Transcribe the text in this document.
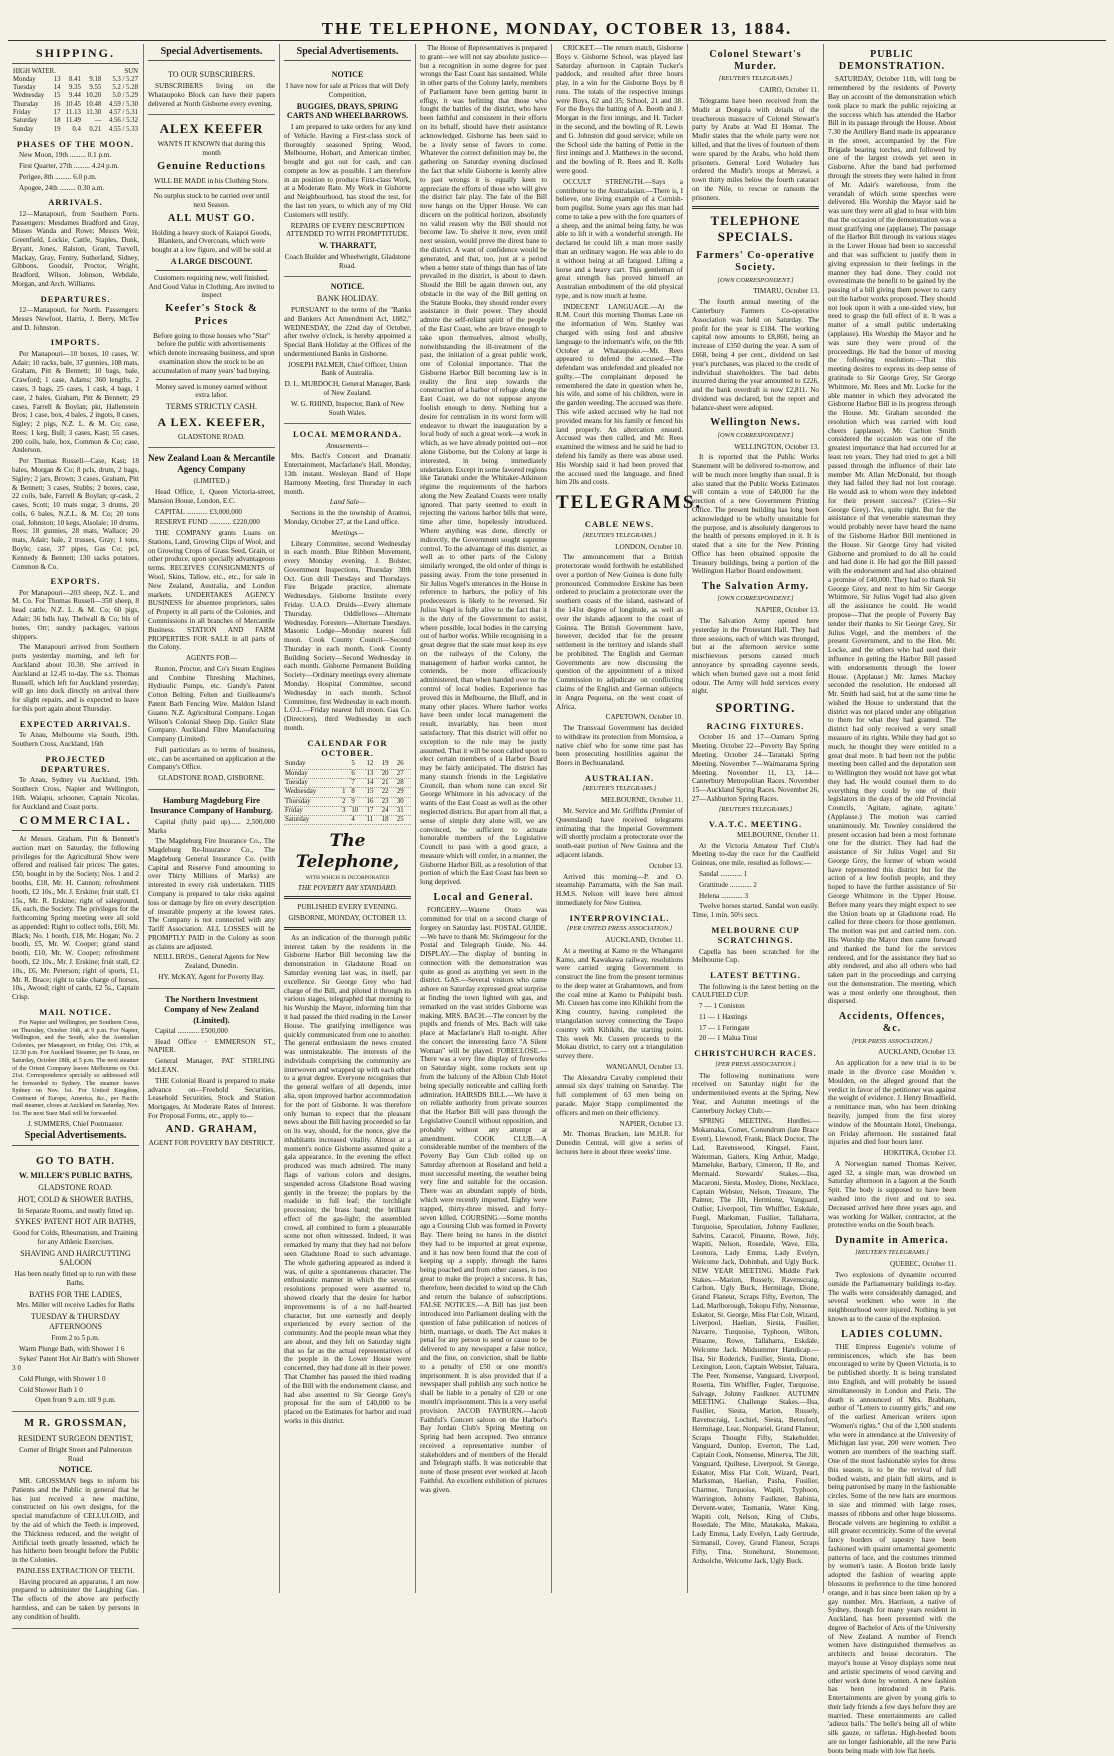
THE TELEPHONE, MONDAY, OCTOBER 13, 1884.
SHIPPING.
HIGH WATER.			SUN	
Monday	13	8.41	9.18	5.3 / 5.27
Tuesday	14	9.35	9.55	5.2 / 5.28
Wednesday	15	9.44	10.20	5.0 / 5.29
Thursday	16	10.45	10.48	4.59 / 5.30
Friday	17	11.13	11.30	4.57 / 5.31
Saturday	18	11.49	—	4.56 / 5.32
Sunday	19	0.4	0.21	4.55 / 5.33
PHASES OF THE MOON.

New Moon, 19th ......... 0.1 p.m.

First Quarter, 27th ......... 4.24 p.m.

Perigee, 8th ......... 6.0 p.m.

Apogee, 24th ......... 0.30 a.m.

ARRIVALS.

12—Manapouri, from Southern Ports. Passengers: Mesdames Bradford and Gray, Misses Wanda and Rowe; Messrs Weir, Greenfield, Lockie, Cattle, Staples, Dunk, Bryant, Jones, Ralston, Grant, Turvell, Mackay, Gray, Fentry, Sutherland, Sidney, Gibbons, Goodsir, Proctor, Wright, Bradford, Wilson, Johnson, Webdale, Morgan, and Arch. Williams.

DEPARTURES.

12—Manapouri, for North. Passengers: Messrs Newfoot, Harris, J. Berry, McTee and D. Johnston.

IMPORTS.

Per Manapouri—10 boxes, 10 cases, W. Adair; 10 racks, bale, 37 gunnies, 108 mats, Graham, Pitt & Bennett; 10 bags, bale, Crawford; 1 case, Adams; 360 lengths, 2 cases, 3 bags, 25 cases, 1 cask, 4 bags, 1 case, 2 bales, Graham, Pitt & Bennett; 29 cases, Farrell & Boylan; pkt, Hallenstein Bros; 1 case, box, 4 bales, 2 ingots, 8 cases, Sigley; 2 pigs, N.Z. L. & M. Co; case, Rees; 1 keg, Bull; 3 cases, Kast; 55 cases, 200 coils, bale, box, Common & Co; case, Anderson.

Per Thomas Russell—Case, Kast; 18 bales, Morgan & Co; 8 pcls, drum, 2 bags, Sigley; 2 jars, Brown; 3 cases, Graham, Pitt & Bennett; 3 cases, Stubbs; 2 boxes, case, 22 coils, bale, Farrell & Boylan; qr-cask, 2 cases, Scott; 10 mats sugar, 3 drums, 20 coils, 6 bales, N.Z.L. & M. Co; 20 tons coal, Johnston; 10 kegs, Alsolaie; 10 drums, Rees; 18 gunnies, 28 mats, Wallace; 20 mats, Adair; bale, 2 trusses, Gray; 1 tons, Boyle; case, 37 pipes, Gas Co; pcl, Kennedy & Bennett; 130 sacks potatoes, Common & Co.

EXPORTS.

Per Manapouri—203 sheep, N.Z. L. and M. Co. For Thomas Russell—350 sheep, 8 head cattle, N.Z. L. & M. Co; 60 pigs, Adair; 36 bdls hay, Thelwall & Co; bls of bones, Orr; sundry packages, various shippers.

The Manapouri arrived from Southern ports yesterday morning, and left for Auckland about 10.30. She arrived in Auckland at 12.45 to-day. The s.s. Thomas Russell, which left for Auckland yesterday, will go into dock directly on arrival there for slight repairs, and is expected to leave for this port again about Thursday.

EXPECTED ARRIVALS.

Te Anau, Melbourne via South, 19th. Southern Cross, Auckland, 16th

PROJECTED DEPARTURES.

Te Anau, Sydney via Auckland, 19th. Southern Cross, Napier and Wellington, 16th. Waiapu, schooner, Captain Nicolas, for Auckland and Coast ports.

COMMERCIAL.

At Messrs. Graham, Pitt & Bennett's auction mart on Saturday, the following privileges for the Agricultural Show were offered and realised fair prices: The gates, £50, bought in by the Society; Nos. 1 and 2 booths, £18, Mr. H. Cannon; refreshment booth, £2 10s., Mr. J. Erskine; fruit stall, £1 15s., Mr. R. Erskine; right of saleground, £6, each, the Society. The privileges for the forthcoming Spring meeting were all sold as appended: Right to collect tolls, £60, Mr. Black; No. 1 booth, £18, Mr. Hogan; No. 2 booth, £5, Mr. W. Cooper; grand stand booth, £10, Mr. W. Cooper; refreshment booth, £2 10s., Mr. J. Erskine; fruit stall, £2 10s., £6, Mr. Peterson; right of sports, £1, Mr. R. Brace; right to take charge of horses, 10s., Awood; right of cards, £2 5s., Captain Crisp.

MAIL NOTICE.

For Napier and Wellington, per Southern Cross, on Thursday, October 16th, at 9 p.m. For Napier, Wellington, and the South, also the Australian Colonies, per Manapouri, on Friday, Oct. 17th, at 12.30 p.m. For Auckland Steamer, per Te Anau, on Saturday, October 18th, at 5 p.m. The next steamer of the Orient Company leaves Melbourne on Oct. 21st. Correspondence specially so addressed will be forwarded to Sydney. The steamer leaves Sydney on Nov. 1st. For United Kingdom, Continent of Europe, America, &c., per Pacific mail steamer, closes at Auckland on Saturday, Nov. 1st. The next Suez Mail will be forwarded.

J. SUMMERS, Chief Postmaster.

Special Advertisements.
GO TO BATH.
W. MILLER'S PUBLIC BATHS,
GLADSTONE ROAD.
HOT, COLD & SHOWER BATHS,

In Separate Rooms, and neatly fitted up.

SYKES' PATENT HOT AIR BATHS,

Good for Colds, Rheumatism, and Training for any Athletic Exercises.

SHAVING AND HAIRCUTTING SALOON

Has been neatly fitted up to run with these Baths.

BATHS FOR THE LADIES,

Mrs. Miller will receive Ladies for Baths

TUESDAY & THURSDAY AFTERNOONS

From 2 to 5 p.m.

Warm Plunge Bath, with Shower 1 6

Sykes' Patent Hot Air Bath's with Shower 3 0

Cold Plunge, with Shower 1 0

Cold Shower Bath 1 0

Open from 9 a.m. till 9 p.m.

M R. GROSSMAN,
RESIDENT SURGEON DENTIST,

Corner of Bright Street and Palmerston Road

NOTICE.

MR. GROSSMAN begs to inform his Patients and the Public in general that he has just received a new machine, constructed on his own designs, for the special manufacture of CELLULOID, and by the aid of which the Teeth is improved, the Thickness reduced, and the weight of Artificial teeth greatly lessened, which he has hitherto been brought before the Public in the Colonies.

PAINLESS EXTRACTION OF TEETH.

Having procured an apparatus, I am now prepared to administer the Laughing Gas. The effects of the above are perfectly harmless, and can be taken by persons in any condition of health.

Special Advertisements.
TO OUR SUBSCRIBERS.

SUBSCRIBERS living on the Whataupoko Block can have their papers delivered at North Gisborne every evening.

ALEX KEEFER

WANTS IT KNOWN that during this month

Genuine Reductions

WILL BE MADE in his Clothing Store.

No surplus stock to be carried over until next Season.

ALL MUST GO.

Holding a heavy stock of Kaiapoi Goods, Blankets, and Overcoats, which were bought at a low figure, and will be sold at

A LARGE DISCOUNT.

Customers requiring new, well finished, And Good Value in Clothing, Are invited to inspect

Keefer's Stock & Prices

Before going to those houses who "Star" before the public with advertisements which denote increasing business, and upon examination show the stock to be an accumulation of many years' bad buying.

Money saved is money earned without extra labor.

TERMS STRICTLY CASH.
A LEX. KEEFER,

GLADSTONE ROAD.

New Zealand Loan & Mercantile Agency Company

(LIMITED.)

Head Office, 1, Queen Victoria-street, Mansion House, London, E.C.

CAPITAL ............ £3,000,000

RESERVE FUND ............ £220,000

THE COMPANY grants Loans on Stations, Land, Growing Clips of Wool, and on Growing Crops of Grass Seed, Grain, or other produce, upon specially advantageous terms. RECEIVES CONSIGNMENTS of Wool, Skins, Tallow, etc., etc., for sale in New Zealand, Australia, and London markets. UNDERTAKES AGENCY BUSINESS for absentee proprietors, sales of Property in all parts of the Colonies, and Commissions in all branches of Mercantile Business. STATION AND FARM PROPERTIES FOR SALE in all parts of the Colony.

AGENTS FOR—

Ruston, Proctor, and Co's Steam Engines and Combine Threshing Machines, Hydraulic Pumps, etc. Gandy's Patent Cotton Belting. Felten and Guilleaume's Patent Barb Fencing Wire. Maldon Island Guano. N.Z. Agricultural Company. Logan Wilson's Colonial Sheep Dip. Guilcr Slate Company. Auckland Fibre Manufacturing Company (Limited).

Full particulars as to terms of business, etc., can be ascertained on application at the Company's Office.

GLADSTONE ROAD, GISBORNE.

Hamburg Magdeburg Fire Insurance Company of Hamburg.

Capital (fully paid up)...... 2,500,000 Marks

The Magdeburg Fire Insurance Co., The Magdeburg Re-Insurance Co., The Magdeburg General Insurance Co. (with Capital and Reserve Fund amounting to over Thirty Millions of Marks) are interested in every risk undertaken. THIS Company is prepared to take risks against loss or damage by fire on every description of insurable property at the lowest rates. The Company is not connected with any Tariff Association. ALL LOSSES will be PROMPTLY PAID in the Colony as soon as claims are adjusted.

NEILL BROS., General Agents for New Zealand, Dunedin.

HY. McKAY, Agent for Poverty Bay.

The Northern Investment Company of New Zealand (Limited).

Capital ............ £500,000

Head Office · EMMERSON ST., NAPIER.

General Manager, PAT STIRLING McLEAN.

THE Colonial Board is prepared to make advance on—Freehold Securities, Leasehold Securities, Stock and Station Mortgages, At Moderate Rates of Interest. For Proposal Forms, etc., apply to—

AND. GRAHAM,

AGENT FOR POVERTY BAY DISTRICT.

Special Advertisements.
NOTICE

I have now for sale at Prices that will Defy Competition,

BUGGIES, DRAYS, SPRING CARTS AND WHEELBARROWS.

I am prepared to take orders for any kind of Vehicle. Having a First-class stock of thoroughly seasoned Spring Wood, Melbourne, Hobart, and American timber, bought and got out for cash, and can compete as low as possible. I am therefore in an position to produce First-class Work, at a Moderate Rate. My Work in Gisborne and Neighbourhood, has stood the test, for the last ten years, to which any of my Old Customers will testify.

REPAIRS OF EVERY DESCRIPTION ATTENDED TO WITH PROMPTITUDE.

W. THARRATT,

Coach Builder and Wheelwright, Gladstone Road.

NOTICE.
BANK HOLIDAY.

PURSUANT to the terms of the "Banks and Bankers Act Amendment Act, 1882," WEDNESDAY, the 22nd day of October, after twelve o'clock, is hereby appointed a Special Bank Holiday at the Offices of the undermentioned Banks in Gisborne.

JOSEPH PALMER, Chief Officer, Union Bank of Australia.

D. L. MURDOCH, General Manager, Bank of New Zealand.

W. G. RHIND, Inspector, Bank of New South Wales.

LOCAL MEMORANDA.

Amusements—

Mrs. Bach's Concert and Dramatic Entertainment, Macfarlane's Hall, Monday, 13th instant. Wesleyan Band of Hope Harmony Meeting, first Thursday in each month.

Land Sale—

Sections in the the township of Aramoi, Monday, October 27, at the Land office.

Meetings—

Library Committee, second Wednesday in each month. Blue Ribbon Movement, every Monday evening. J. Bolster, Government Inspections, Thursday 30th Oct. Gun drill Tuesdays and Thursdays. Fire Brigade practice, alternate Wednesdays. Gisborne Institute every Friday. U.A.O. Druids—Every alternate Thursday. Oddfellows—Alternate Wednesday. Foresters—Alternate Tuesdays. Masonic Lodge—Monday nearest full moon. Cook County Council—Second Thursday in each month. Cook County Building Society—Second Wednesday in each month. Gisborne Permanent Building Society—Ordinary meetings every alternate Monday. Hospital Committee, second Wednesday in each month. School Committee, first Wednesday in each month. L.O.L.—Friday nearest full moon. Gas Co. (Directors), third Wednesday in each month.

CALENDAR FOR OCTOBER.
Sunday		5	12	19	26
Monday		6	13	20	27
Tuesday		7	14	21	28
Wednesday	1	8	15	22	29
Thursday	2	9	16	23	30
Friday	3	10	17	24	31
Saturday		4	11	18	25
The Telephone,

WITH WHICH IS INCORPORATED

THE POVERTY BAY STANDARD.

PUBLISHED EVERY EVENING.

GISBORNE, MONDAY, OCTOBER 13.

As an indication of the thorough public interest taken by the residents in the Gisborne Harbor Bill becoming law the demonstration in Gladstone Road on Saturday evening last was, in itself, par excellence. Sir George Grey who had charge of the Bill, and piloted it through its various stages, telegraphed that morning to his Worship the Mayor, informing him that it had passed the third reading in the Lower House. The gratifying intelligence was quickly communicated from one to another. The general enthusiasm the news created was unmistakeable. The interests of the individuals comprising the community are interwoven and wrapped up with each other to a great degree. Everyone recognises that the general welfare of all depends, inter alia, upon improved harbor accommodation for the port of Gisborne. It was therefore only human to expect that the pleasant news about the Bill having proceeded so far on its way, should, for the nonce, give the inhabitants increased vitality. Almost at a moment's notice Gisborne assumed quite a gala appearance. In the evening the effect produced was much admired. The many flags of various colors and designs, suspended across Gladstone Road waving gently in the breeze; the poplars by the roadside in full leaf; the torchlight procession; the brass band; the brilliant effect of the gas-light; the assembled crowd, all combined to form a pleasurable scene not often witnessed. Indeed, it was remarked by many that they had not before seen Gladstone Road to such advantage. The whole gathering appeared as indeed it was, of quite a spontaneous character. The enthusiastic manner in which the several resolutions proposed were assented to, showed clearly that the desire for harbor improvements is of a no half-hearted character, but one earnestly and deeply experienced by every section of the community. And the people mean what they are about, and they felt on Saturday night that so far as the actual representatives of the people in the Lower House were concerned, they had done all in their power. That Chamber has passed the third reading of the Bill with the endorsement clause, and had also assented to Sir George Grey's proposal for the sum of £40,000 to be placed on the Estimates for harbor and road works in this district.

The House of Representatives is prepared to grant—we will not say absolute justice—but a recognition in some degree for past wrongs the East Coast has sustained. While in other parts of the Colony lately, members of Parliament have been getting burnt in effigy, it was befitting that those who fought the battles of the district, who have been faithful and consistent in their efforts on its behalf, should have their assistance acknowledged. Gisborne has been said to be a lively sense of favors to come. Whatever the correct definition may be, the gathering on Saturday evening disclosed the fact that while Gisborne is keenly alive to past wrongs it is equally keen to appreciate the efforts of those who will give the district fair play. The fate of the Bill now hangs on the Upper House. We can discern on the political horizon, absolutely no valid reason why the Bill should not become law. To shelve it now, even until next session, would prove the direst bane to the district. A want of confidence would be generated, and that, too, just at a period when a better state of things than has of late prevailed in the district, is about to dawn. Should the Bill be again thrown out, any obstacle in the way of the Bill getting on the Statute Books, they should render every assistance in their power. They should admire the self-reliant spirit of the people of the East Coast, who are brave enough to take upon themselves, almost wholly, notwithstanding the ill-treatment of the past, the initiation of a great public work, one of Colonial importance. That the Gisborne Harbor Bill becoming law is in reality the first step towards the construction of a harbor of refuge along the East Coast, we do not suppose anyone foolish enough to deny. Nothing but a desire for centralism in its worst form will endeavor to thwart the inauguration by a local body of such a great work—a work in which, as we have already pointed out—not alone Gisborne, but the Colony at large is interested, in being immediately undertaken. Except in some favored regions like Taranaki under the Whitaker-Atkinson régime the requirements of the harbors along the New Zealand Coasts were totally ignored. That party seemed to exult in rejecting the various harbor bills that were, time after time, hopelessly introduced. Where anything was done, directly or indirectly, the Government sought supreme control. To the advantage of this district, as well as to other parts of the Colony similarly wronged, the old order of things is passing away. From the tone presented in Sir Julius Vogel's utterances in the House in reference to harbors, the policy of his predecessors is likely to be reversed. Sir Julius Vogel is fully alive to the fact that it is the duty of the Government to assist, where possible, local bodies in the carrying out of harbor works. While recognising in a great degree that the state must keep its eye on the railways of the Colony, the management of harbor works cannot, he contends, be more efficaciously administered, than when handed over to the control of local bodies. Experience has proved this in Melbourne, the Bluff, and in many other places. Where harbor works have been under local management the result, invariably, has been most satisfactory. That this district will offer no exception to the rule may be justly assumed. That it will be soon called upon to elect certain members of a Harbor Board may be fairly anticipated. The district has many staunch friends in the Legislative Council, than whom none can excel Sir George Whitmore in his advocacy of the wants of the East Coast as well as the other neglected districts. But apart from all that, a sense of simple duty alone will, we are convinced, be sufficient to actuate honorable members of the Legislative Council to pass with a good grace, a measure which will confer, in a manner, the Gisborne Harbor Bill, as a resolution of that portion of which the East Coast has been so long deprived.

Local and General.

FORGERY.—Watene Ototo was committed for trial on a second charge of forgery on Saturday last. POSTAL GUIDE.—We have to thank Mr. Skrimgeour for the Postal and Telegraph Guide, No. 44. DISPLAY.—The display of bunting in connection with the demonstration was quite as good as anything yet seen in the district. GAS.—Several visitors who came ashore on Saturday expressed great surprise at finding the town lighted with gas, and remarked on the vast strides Gisborne was making. MRS. BACH.—The concert by the pupils and friends of Mrs. Bach will take place at Macfarlane's Hall to-night. After the concert the interesting farce "A Silent Woman" will be played. FORECLOSE.—There was a very fine display of fireworks on Saturday night, some rockets sent up from the balcony of the Albion Club Hotel being specially noticeable and calling forth admiration. HAIRSDS BILL.—We have it on reliable authority from private sources that the Harbor Bill will pass through the Legislative Council without opposition, and probably without any attempt at amendment. COOK CLUB.—A considerable number of the members of the Poverty Bay Gun Club rolled up on Saturday afternoon at Roseland and held a most successful meeting, the weather being very fine and suitable for the occasion. There was an abundant supply of birds, which were recently imported. Eighty were trapped, thirty-three missed, and forty-seven killed. COURSING.—Some months ago a Coursing Club was formed in Poverty Bay. There being no hares in the district they had to be imported at great expense, and it has now been found that the cost of keeping up a supply, through the hares being poached and from other causes, is too great to make the project a success. It has, therefore, been decided to wind up the Club and return the balance of subscriptions. FALSE NOTICES.—A Bill has just been introduced into Parliament dealing with the question of false publication of notices of birth, marriage, or death. The Act makes it penal for any person to send or cause to be delivered to any newspaper a false notice, and the fine, on conviction, shall be liable to a penalty of £50 or one month's imprisonment. It is also provided that if a newspaper shall publish any such notice he shall be liable to a penalty of £20 or one month's imprisonment. This is a very useful provision. JACOB FAYBURN.—Jacob Faithful's Concert saloon on the Harbor's Bay Jordan Club's Spring Meeting on Spring had been accepted. Two entrance received a representative number of stakeholders and of members of the Herald and Telegraph staffs. It was noticeable that none of those present ever worked at Jacob Faithful. An excellent exhibition of pictures was given.

CRICKET.—The return match, Gisborne Boys v. Gisborne School, was played last Saturday afternoon in Captain Tucker's paddock, and resulted after three hours play, in a win for the Gisborne Boys by 8 runs. The totals of the respective innings were Boys, 62 and 35; School, 21 and 38. For the Boys the batting of A. Booth and J. Morgan in the first innings, and H. Tucker in the second, and the bowling of R. Lewis and G. Johnston did good service; while on the School side the batting of Pettie in the first innings and J. Matthews in the second, and the bowling of R. Rees and R. Kells were good.

OCCULT STRENGTH.—Says a contributor to the Australasian:—There is, I believe, one living example of a Cornish-born pugilist. Some years ago this man had come to take a pew with the fore quarters of a sheep, and the animal being fatty, he was able to lift it with a wonderful strength. He declared he could lift a man more easily than an ordinary wagon. He was able to do it without being at all fatigued. Lifting a horse and a heavy cart. This gentleman of great strength has proved himself an Australian embodiment of the old physical type, and is now much at home.

INDECENT LANGUAGE.—At the R.M. Court this morning Thomas Lane on the information of Wm. Stanley was charged with using foul and abusive language to the informant's wife, on the 9th October at Whataupoko.—Mr. Rees appeared to defend the accused.—The defendant was undefended and pleaded not guilty.—The complainant deposed he remembered the date in question when he, his wife, and some of his children, were in the garden weeding. The accused was there. This wife asked accused why he had not provided means for his family or fenced his land properly. An altercation ensued. Accused was then called, and Mr. Rees examined the witness and he said he had to defend his family as there was abuse used. His Worship said it had been proved that the accused used the language, and fined him 20s and costs.

TELEGRAMS.
CABLE NEWS.
[REUTER'S TELEGRAMS.]

LONDON, October 10.

The announcement that a British protectorate would forthwith be established over a portion of New Guinea is done fully pronounced. Commodore Erskine has been ordered to proclaim a protectorate over the southern coasts of the island, eastward of the 141st degree of longitude, as well as over the islands adjacent to the coast of Guinea. The British Government have, however, decided that for the present settlement in the territory and islands shall be prohibited. The English and German Governments are now discussing the question of the appointment of a mixed Commission to adjudicate on conflicting claims of the English and German subjects in Angra Pequena, on the west coast of Africa.

CAPETOWN, October 10.

The Transvaal Government has decided to withdraw its protection from Montsioa, a native chief who for some time past has been prosecuting hostilities against the Boers in Bechuanaland.

AUSTRALIAN.
[REUTER'S TELEGRAMS.]

MELBOURNE, October 11.

Mr. Service and Mr. Griffiths (Premier of Queensland) have received telegrams intimating that the Imperial Government will shortly proclaim a protectorate over the south-east portion of New Guinea and the adjacent islands.

October 13.

Arrived this morning—P. and O. steamship Parramatta, with the San mail. H.M.S. Nelson will leave here almost immediately for New Guinea.

INTERPROVINCIAL.
[PER UNITED PRESS ASSOCIATION.]

AUCKLAND, October 11.

At a meeting at Kamo re the Whangarei Kamo, and Kawakawa railway, resolutions were carried urging Government to construct the line from the present terminus to the deep water at Grahamtown, and from the coal mine at Kamo to Puhipuhi bush. Mr. Cussen has come into Kihikihi from the King country, having completed the triangulation survey connecting the Taupo country with Kihikihi, the starting point. This week Mr. Cussen proceeds to the Mokau district, to carry out a triangulation survey there.

WANGANUI, October 13.

The Alexandra Cavalry completed their annual six days' training on Saturday. The full complement of 63 men being on parade. Major Stapp complimented the officers and men on their efficiency.

NAPIER, October 13.

Mr. Thomas Bracken, late M.H.R. for Dunedin Central, will give a series of lectures here in about three weeks' time.

Colonel Stewart's Murder.
[REUTER'S TELEGRAMS.]

CAIRO, October 11.

Telegrams have been received from the Mudir at Dongola with details of the treacherous massacre of Colonel Stewart's party by Arabs at Wad El Homar. The Mudir states that the whole party were not killed, and that the lives of fourteen of them were spared by the Arabs, who hold them prisoners. General Lord Wolseley has ordered the Mudir's troops at Merawi, a town thirty miles below the fourth cataract on the Nile, to rescue or ransom the prisoners.

TELEPHONE SPECIALS.
Farmers' Co-operative Society.
[OWN CORRESPONDENT.]

TIMARU, October 13.

The fourth annual meeting of the Canterbury Farmers Co-operative Association was held on Saturday. The profit for the year is £184. The working capital now amounts to £8,860, being an increase of £350 during the year. A sum of £668, being 4 per cent., dividend on last year's purchases, was placed to the credit of individual shareholders. The bad debts incurred during the year amounted to £226, and the bank overdraft is now £2,811. No dividend was declared, but the report and balance-sheet were adopted.

Wellington News.
[OWN CORRESPONDENT.]

WELLINGTON, October 13.

It is reported that the Public Works Statement will be delivered to-morrow, and will be much more lengthy than usual. It is also stated that the Public Works Estimates will contain a vote of £40,000 for the erection of a new Government Printing Office. The present building has long been acknowledged to be wholly unsuitable for the purpose, and is absolutely dangerous to the health of persons employed in it. It is stated that a site for the New Printing Office has been obtained opposite the Treasury buildings, being a portion of the Wellington Harbor Board endowment.

The Salvation Army.
[OWN CORRESPONDENT.]

NAPIER, October 13.

The Salvation Army opened here yesterday in the Protestant Hall. They had three sessions, each of which was thronged, but at the afternoon service some mischievous persons caused much annoyance by spreading cayenne seeds, which when burned gave out a most fetid odour. The Army will hold services every night.

SPORTING.
RACING FIXTURES.

October 16 and 17—Oamaru Spring Meeting. October 22—Poverty Bay Spring Meeting. October 24—Taranaki Spring Meeting. November 7—Waimarama Spring Meeting. November 11, 13, 14—Canterbury Metropolitan Races. November 15—Auckland Spring Races. November 26, 27—Ashburton Spring Races.

[REUTER'S TELEGRAMS.]
V.A.T.C. MEETING.

MELBOURNE, October 11.

At the Victoria Amateur Turf Club's Meeting to-day the race for the Caulfield Guineas, one mile, resulted as follows:—

Sandal ............ 1

Grattitude ............ 2

Helena ............ 3

Twelve horses started. Sandal won easily. Time, 1 min. 50½ secs.

MELBOURNE CUP SCRATCHINGS.

Capella has been scratched for the Melbourne Cup.

LATEST BETTING.

The following is the latest betting on the CAULFIELD CUP.

7 — 1 Coniston

11 — 1 Hastings

17 — 1 Feringate

20 — 1 Malua Trust

CHRISTCHURCH RACES.
[PER PRESS ASSOCIATION.]

The following nominations were received on Saturday night for the undermentioned events at the Spring, New Year, and Autumn meetings of the Canterbury Jockey Club:—

SPRING MEETING. Hurdles.—Mokamaka, Comet, Conundrum (late Brace Event), Llewood, Frank, Black Doctor, The Lad, Ravenswood, Kingsel, Faust, Waterman, Gaiters, King Arthur, Madge, Mameluke, Barbary, Cimeron, II Re, and Mermaid. Stewards' Stakes.—Ilsa, Macaroni, Siesta, Mosley, Dione, Necklace, Captain Webster, Nelson, Treasure, The Painter, The Jilt, Hermione, Vanguard, Outlier, Liverpool, Tim Whiffler, Eskdale, Fuegl, Marksman, Fusilier, Tallaharra, Turquoise, Speculation, Johnny Faulkner, Salvins, Caracol, Pinaune, Rowe, July, Wapiti, Nelson, Rosedale, Wave, Ella, Leonora, Lady Emma, Lady Evelyn, Welcome Jack, Dobinbah, and Ugly Buck. NEW YEAR MEETING. Middle Park Stakes.—Marion, Russely, Ravenscraig, Carlton, Ugly Buck, Hermitage, Dione, Grand Flaneur, Scraps Fifty, Everton, The Lad, Marlborough, Tokopu Fifty, Nonsense, Eskator, St. George, Miss Flat Colt, Wizard, Liverpool, Haelian, Siesta, Fusilier, Navarre, Turquoise, Typhoon, Wilton, Pinaune, Rowe, Tallaharra, Eskdale, Welcome Jack. Midsummer Handicap.—Ilsa, Sir Roderick, Fusilier, Siesta, Dione, Lexington, Leon, Captain Webster, Taluara, The Peer, Nonsense, Vanguard, Liverpool, Rosetta, Tim Whiffler, Fugler, Turquoise, Salvage, Johnny Faulkner. AUTUMN MEETING. Challenge Stakes.—Ilsa, Fusilier, Siesta, Marion, Russely, Ravenscraig, Lochiel, Siesta, Beresford, Hermitage, Lear, Nonpariel, Grand Flaneur, Scraps Thought Fifty, Stakeholder, Vanguard, Dunlop, Everton, The Lad, Captain Cook, Nonsense, Minerva, The Jilt, Vanguard, Quiltese, Liverpool, St George, Eskator, Miss Flat Colt, Wizard, Pearl, Marksman, Haelian, Pasha, Fusilier, Charmer, Turquoise, Wapiti, Typhoon, Warrington, Johnny Faulkner, Babinia, Dervent-water, Tasmania, Water King, Wapiti colt, Nelson, King of Clubs, Rosedale, The Mite, Matakaka, Makaia, Lady Emma, Lady Evelyn, Lady Gertrude, Sirmansil, Covey, Grand Flaneur, Scraps Fifty, Tina, Stonehurst, Stonemoor, Ardsolche, Welcome Jack, Ugly Buck.

PUBLIC DEMONSTRATION.

SATURDAY, October 11th, will long be remembered by the residents of Poverty Bay on account of the demonstration which took place to mark the public rejoicing at the success which has attended the Harbor Bill in its passage through the House. About 7.30 the Artillery Band made its appearance in the street, accompanied by the Fire Brigade bearing torches, and followed by one of the largest crowds yet seen in Gisborne. After the band had performed through the streets they were halted in front of Mr. Adair's warehouse, from the verandah of which some speeches were delivered. His Worship the Mayor said he was sure they were all glad to hear with him that the occasion of the demonstration was a most gratifying one (applause). The passage of the Harbor Bill through its various stages in the Lower House had been so successful and that was sufficient to justify them in giving expression to their feelings in the manner they had done. They could not overestimate the benefit to be gained by the passing of a bill giving them power to carry out the harbor works proposed. They should not look upon it with a one-sided view, but need to grasp the full effect of it. It was a matter of a small public undertaking (applause). His Worship the Mayor and he was sure they were proud of the proceedings. He had the honor of moving the following resolution:—That this meeting desires to express its deep sense of gratitude to Sir George Grey, Sir George Whitmore, Mr. Rees and Mr. Locke for the able manner in which they advocated the Gisborne Harbor Bill in its progress through the House. Mr. Graham seconded the resolution which was carried with loud cheers (applause). Mr. Carlton Smith considered the occasion was one of the greatest importance that had occurred for at least ten years. They had tried to get a bill passed through the influence of their late member Mr. Allan McDonald, but though they had failed they had not lost courage. He would ask to whom were they indebted for their present success? (Cries—Sir George Grey). Yes, quite right. But for the assistance of that venerable statesman they would probably never have heard the name of the Gisborne Harbor Bill mentioned in the House. Sir George Grey had visited Gisborne and promised to do all he could and had done it. He had got the Bill passed with the endorsement and had also obtained a promise of £40,000. They had to thank Sir George Grey, and next to him Sir George Whitmore, Sir Julius Vogel had also given all the assistance he could. He would propose—That the people of Poverty Bay tender their thanks to Sir George Grey, Sir Julius Vogel, and the members of the present Government, and to the Hon. Mr. Locke, and the others who had used their influence in getting the Harbor Bill passed with endorsements through the lower House. (Applause.) Mr. James Mackey seconded the resolution. He endorsed all Mr. Smith had said, but at the same time he wished the House to understand that the district was not placed under any obligation to them for what they had granted. The district had only received a very small measure of its rights. While they had got so much, he thought they were entitled to a great deal more. It had been not the public meeting been called and the deputation sent to Wellington they would not have got what they had. He would counsel them to do everything they could by one of their legislators in the days of the old Provincial Councils, 'Agitate, agitate, agitate.' (Applause.) The motion was carried unanimously. Mr. Townley considered the present occasion had been a most fortunate one for the district. They had had the assistance of Sir Julius Vogel and Sir George Grey, the former of whom would have represented this district but for the action of a few foolish people, and they hoped to have the further assistance of Sir George Whitmore in the Upper House. Before many years they might expect to see the Union boats up at Gladstone road. He called for three cheers for those gentlemen. The motion was put and carried nem. con. His Worship the Mayor then came forward and thanked the band for the services rendered, and for the assistance they had so ably rendered, and also all others who had taken part in the proceedings and carrying out the demonstration. The meeting, which was a most orderly one throughout, then dispersed.

Accidents, Offences, &c.
[PER PRESS ASSOCIATION.]

AUCKLAND, October 13.

An application for a new trial is to be made in the divorce case Moulden v. Moulden, on the alleged ground that the verdict in favor of the petitioner was against the weight of evidence. J. Henry Broadfield, a remittance man, who has been drinking heavily, jumped from the first storey window of the Mountain Hotel, Onehunga, on Friday afternoon. He sustained fatal injuries and died four hours later.

HOKITIKA, October 13.

A Norwegian named Thomas Keiver, aged 32, a single man, was drowned on Saturday afternoon in a lagoon at the South Spit. The body is supposed to have been washed into the river and out to sea. Deceased arrived here three years ago, and was working for Walker, contractor, at the protective works on the South beach.

Dynamite in America.
[REUTER'S TELEGRAMS.]

QUEBEC, October 11.

Two explosions of dynamite occurred outside the Parliamentary buildings to-day. The walls were considerably damaged, and several workmen who were in the neighbourhood were injured. Nothing is yet known as to the cause of the explosion.

LADIES COLUMN.

THE Empress Eugenie's volume of reminiscences, which she has been encouraged to write by Queen Victoria, is to be published shortly. It is being translated into English, and will probably be issued simultaneously in London and Paris. The death is announced of Mrs. Brabham, author of "Letters to country girls," and one of the earliest American writers upon "Women's rights." Out of the 1,500 students who were in attendance at the University of Michigan last year, 200 were women. Two women are members of the teaching staff. One of the most fashionable styles for dress this season, is to be the revival of full bodied waists, and plain full skirts, and is being patronised by many in the fashionable circles. Some of the new hats are enormous in size and trimmed with large roses, masses of ribbons and other huge blossoms. Brocade velvets are beginning to exhibit a still greater eccentricity. Some of the several fancy borders of tapestry have been fashioned with quaint ornamental geometric patterns of lace, and the costumes trimmed by women's taste. A Boston bride lately adopted the fashion of wearing apple blossoms in preference to the time honored orange, and it has since been taken up by a gay number. Mrs. Harrison, a native of Sydney, though for many years resident in Auckland, has been presented with the degree of Bachelor of Arts of the University of New Zealand. A number of French women have distinguished themselves as architects and house decorators. The mayor's house at Vesoy displays some neat and artistic specimens of wood carving and other work done by women. A new fashion has been introduced in Paris. Entertainments are given by young girls to their lady friends a few days before they are married. These entertainments are called 'adieux balls.' The belle's being all of white silk gauze, or taffetas. High-heeled boots are no longer fashionable, all the new Paris boots being made with low flat heels.
